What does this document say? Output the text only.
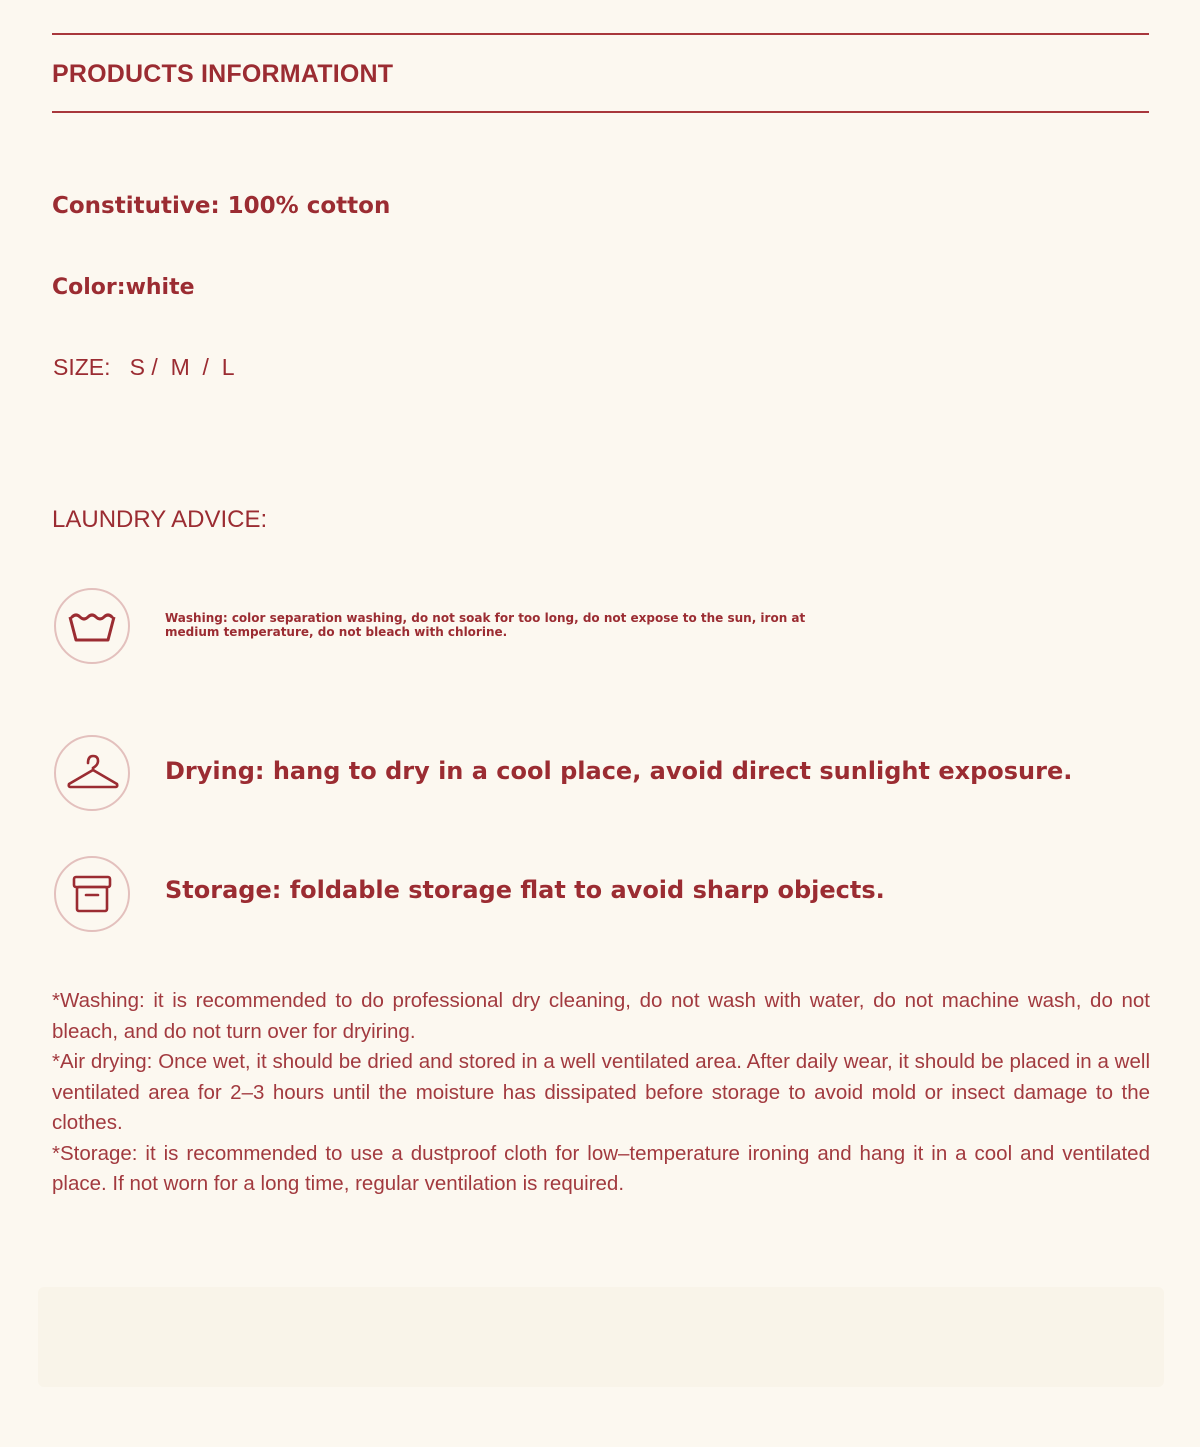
PRODUCTS INFORMATIONT
Constitutive: 100% cotton
Color:white
SIZE:   S /  M  /  L
LAUNDRY ADVICE:
Washing: color separation washing, do not soak for too long, do not expose to the sun, iron at medium temperature, do not bleach with chlorine.
Drying: hang to dry in a cool place, avoid direct sunlight exposure.
Storage: foldable storage flat to avoid sharp objects.

*Washing: it is recommended to do professional dry cleaning, do not wash with water, do not machine wash, do not bleach, and do not turn over for dryiring.

*Air drying: Once wet, it should be dried and stored in a well ventilated area. After daily wear, it should be placed in a well ventilated area for 2–3 hours until the moisture has dissipated before storage to avoid mold or insect damage to the clothes.

*Storage: it is recommended to use a dustproof cloth for low–temperature ironing and hang it in a cool and ventilated place. If not worn for a long time, regular ventilation is required.
